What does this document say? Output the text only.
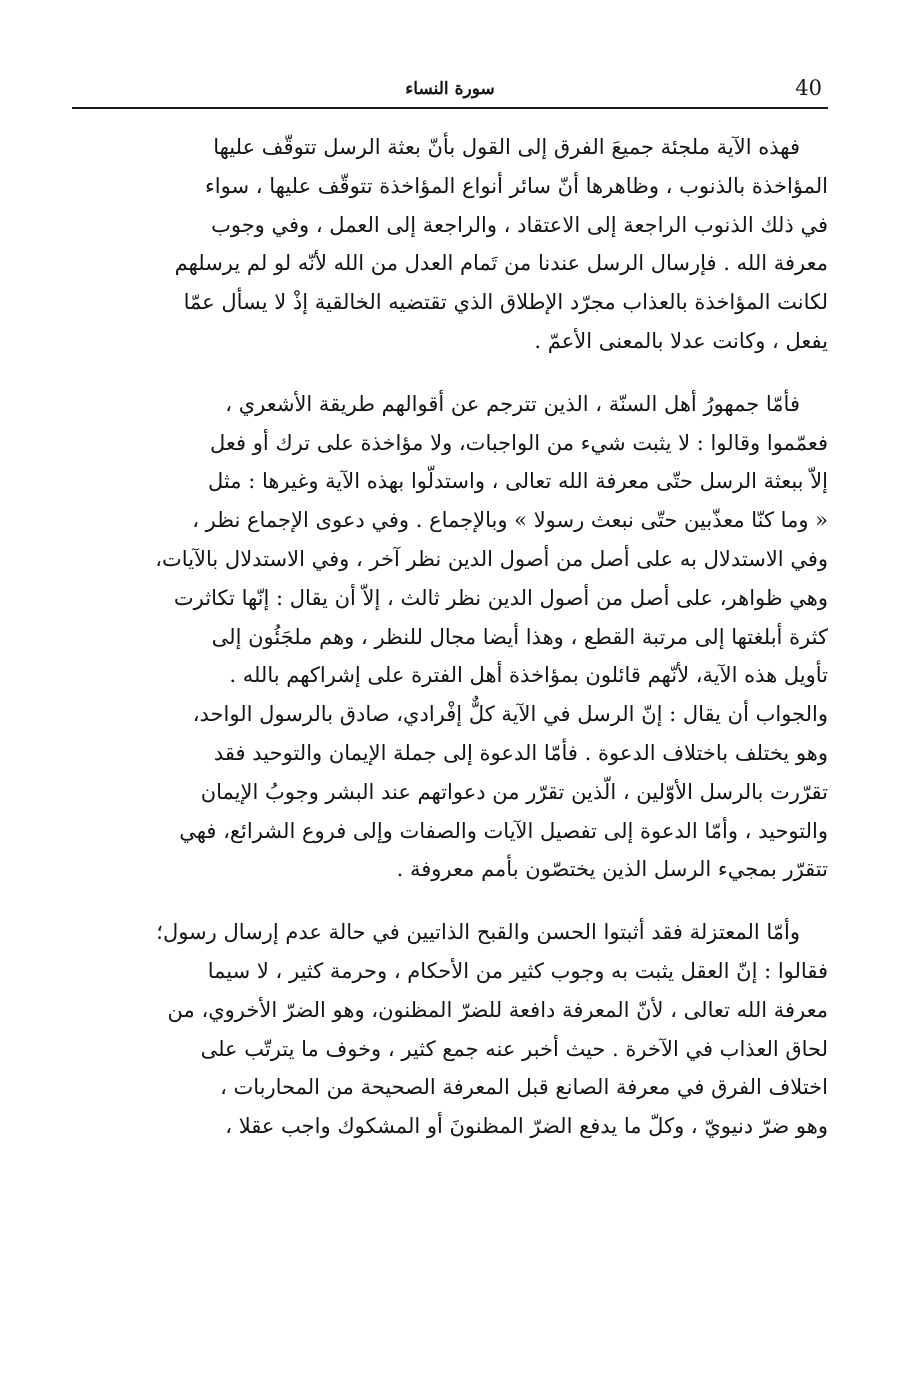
سورة النساء	40

فهذه الآية ملجئة جميعَ الفرق إلى القول بأنّ بعثة الرسل تتوقّف عليها
المؤاخذة بالذنوب ، وظاهرها أنّ سائر أنواع المؤاخذة تتوقّف عليها ، سواء
في ذلك الذنوب الراجعة إلى الاعتقاد ، والراجعة إلى العمل ، وفي وجوب
معرفة الله . فإرسال الرسل عندنا من تَمام العدل من الله لأنّه لو لم يرسلهم
لكانت المؤاخذة بالعذاب مجرّد الإطلاق الذي تقتضيه الخالقية إذْ لا يسأل عمّا
يفعل ، وكانت عدلا بالمعنى الأعمّ .

فأمّا جمهورُ أهل السنّة ، الذين تترجم عن أقوالهم طريقة الأشعري ،
فعمّموا وقالوا : لا يثبت شيء من الواجبات، ولا مؤاخذة على ترك أو فعل
إلاّ ببعثة الرسل حتّى معرفة الله تعالى ، واستدلّوا بهذه الآية وغيرها : مثل
« وما كنّا معذّبين حتّى نبعث رسولا » وبالإجماع . وفي دعوى الإجماع نظر ،
وفي الاستدلال به على أصل من أصول الدين نظر آخر ، وفي الاستدلال بالآيات،
وهي ظواهر، على أصل من أصول الدين نظر ثالث ، إلاّ أن يقال : إنّها تكاثرت
كثرة أبلغتها إلى مرتبة القطع ، وهذا أيضا مجال للنظر ، وهم ملجَئُون إلى
تأويل هذه الآية، لأنّهم قائلون بمؤاخذة أهل الفترة على إشراكهم بالله .
والجواب أن يقال : إنّ الرسل في الآية كلٌّ إفْرادي، صادق بالرسول الواحد،
وهو يختلف باختلاف الدعوة . فأمّا الدعوة إلى جملة الإيمان والتوحيد فقد
تقرّرت بالرسل الأوّلين ، الّذين تقرّر من دعواتهم عند البشر وجوبُ الإيمان
والتوحيد ، وأمّا الدعوة إلى تفصيل الآيات والصفات وإلى فروع الشرائع، فهي
تتقرّر بمجيء الرسل الذين يختصّون بأمم معروفة .

وأمّا المعتزلة فقد أثبتوا الحسن والقبح الذاتيين في حالة عدم إرسال رسول؛
فقالوا : إنّ العقل يثبت به وجوب كثير من الأحكام ، وحرمة كثير ، لا سيما
معرفة الله تعالى ، لأنّ المعرفة دافعة للضرّ المظنون، وهو الضرّ الأخروي، من
لحاق العذاب في الآخرة . حيث أخبر عنه جمع كثير ، وخوف ما يترتّب على
اختلاف الفرق في معرفة الصانع قبل المعرفة الصحيحة من المحاربات ،
وهو ضرّ دنيويّ ، وكلّ ما يدفع الضرّ المظنونَ أو المشكوك واجب عقلا ،
